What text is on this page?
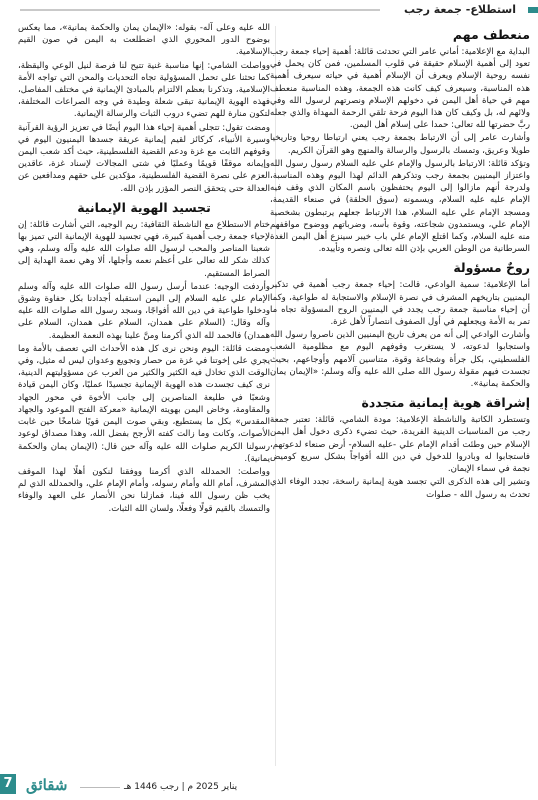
استطلاع- جمعة رجب
منعطف مهم

البداية مع الإعلامية: أماني عامر التي تحدثت قائلة: أهمية إحياء جمعة رجب تعود إلى أهمية الإسلام حقيقة في قلوب المسلمين، فمن كان يحمل في نفسه روحية الإسلام ويعرف أن الإسلام أهمية في حياته سيعرف أهمية هذه المناسبة، وسيعرف كيف كانت هذه الجمعة، وهذه المناسبة منعطف مهم في حياة أهل اليمن في دخولهم الإسلام ونصرتهم لرسول الله وفي ولائهم له، بل وكيف كان هذا اليوم فرحة تلقي الرحمة المهداة والذي جعله ربَّ حضرتها لله تعالى: حمدا على إسلام أهل اليمن.

وأشارت عامر إلى أن الارتباط بجمعة رجب يعني ارتباطا روحيا وتاريخيا طويلا وعريق، وتمسك بالرسول والرسالة والمنهج وهو القرآن الكريم.

وتؤكد قائلة: الارتباط بالرسول والإمام علي عليه السلام رسول رسول الله واعتزاز اليمنيين بجمعة رجب وتذكرهم الدائم لهذا اليوم وهذه المناسبة، ولدرجة أنهم مازالوا إلى اليوم يحتفظون باسم المكان الذي وقف فيه الإمام عليه عليه السلام، ويسمونه (سوق الحلقة) في صنعاء القديمة، ومسجد الإمام علي عليه السلام، هذا الارتباط جعلهم يرتبطون بشخصية الإمام علي، ويستمدون شجاعته، وقوة بأسه، وضرباتهم ووضوح مواقفهم منه عليه السلام، وكما اقتلع الإمام علي باب خيبر سينزع أهل اليمن الغدة السرطانية من الوطن العربي بإذن الله تعالى ونصره وتأييده.

روحٌ مسؤولة

أما الإعلامية: سمية الوادعي، قالت: إحياء جمعة رجب أهمية في تذكير اليمنيين بتاريخهم المشرف في نصرة الإسلام والاستجابة له طواعية، وكما أن إحياء مناسبة جمعة رجب يجدد في اليمنيين الروح المسؤولة تجاه ما تمر به الأمة ويجعلهم في أول الصفوف انتصاراً لأهل غزة.

وأشارت الوادعي إلى أنه من يعرف تاريخ اليمنيين الذين ناصروا رسول الله واستجابوا لدعوته، لا يستغرب وقوفهم اليوم مع مظلومية الشعب الفلسطيني، بكل جرأة وشجاعة وقوة، متناسين آلامهم وأوجاعهم، بحيث تجسدت فيهم مقولة رسول الله صلى الله عليه وآله وسلم: «الإيمان يمان والحكمة يمانية».

إشراقة هوية إيمانية متجددة

وتستطرد الكاتبة والناشطة الإعلامية: مودة الشامي، قائلة: تعتبر جمعة رجب من المناسبات الدينية الفريدة، حيث تضيء ذكرى دخول أهل اليمن الإسلام حين وطئت أقدام الإمام علي -عليه السلام- أرض صنعاء لدعوتهم، فاستجابوا له وبادروا للدخول في دين الله أفواجاً بشكل سريع كوميض نجمة في سماء الإيمان.

وتشير إلى هذه الذكرى التي تجسد هوية إيمانية راسخة، تجدد الوفاء الذي تحدث به رسول الله - صلوات

الله عليه وعلى آله- بقوله: «الإيمان يمان والحكمة يمانية»، مما يعكس بوضوح الدور المحوري الذي اضطلعت به اليمن في صون القيم الإسلامية.

وواصلت الشامي: إنها مناسبة غنية تتيح لنا فرصة لنيل الوعي واليقظة، كما تحثنا على تحمل المسؤولية تجاه التحديات والمحن التي تواجه الأمة الإسلامية، وتذكرنا بعظم الالتزام بالمبادئ الإيمانية في مختلف المفاصل، فهذه الهوية الإيمانية تبقى شعلة وطيدة في وجه الصراعات المختلفة، لتكون منارة للهم تضيء دروب الثبات والرسالة الإيمانية.

ومضت تقول: تتجلى أهمية إحياء هذا اليوم أيضًا في تعزيز الرؤية القرآنية وسيرة الأنبياء، كركائز لقيم إيمانية عريقة جسدها اليمنيون اليوم في وقوفهم الثابت مع غزة ودعم القضية الفلسطينية، حيث أكد شعب اليمن وإيمانه موقفًا قويمًا وعمليًا في شتى المجالات لإسناد غزة، عاقدين العزم على نصرة القضية الفلسطينية، مؤكدين على حقهم ومدافعين عن العدالة حتى يتحقق النصر المؤزر بإذن الله.

تجسيد الهوية الإيمانية

ختام الاستطلاع مع الناشطة الثقافية: ريم الوجيه، التي أشارت قائلة: إن لإحياء جمعة رجب أهمية كبيرة، فهي تجسيد للهوية الإيمانية التي تميز بها شعبنا المناصر والمحب لرسول الله صلوات الله عليه وآله وسلم، وهي كذلك شكر لله تعالى على أعظم نعمه وأجلها، ألا وهي نعمة الهداية إلى الصراط المستقيم.

وأردفت الوجيه: عندما أرسل رسول الله صلوات الله عليه وآله وسلم الإمام علي عليه السلام إلى اليمن استقبله أجدادنا بكل حفاوة وشوق ودخلوا طواعية في دين الله أفواجًا، وسجد رسول الله صلوات الله عليه وآله وقال: (السلام على همدان، السلام على همدان، السلام على همدان) فالحمد لله الذي أكرمنا ومنَّ علينا بهذه النعمة العظيمة.

ومضت قائلة: اليوم ونحن نرى كل هذه الأحداث التي تعصف بالأمة وما يجري على إخوتنا في غزة من حصار وتجويع وعدوان ليس له مثيل، وفي الوقت الذي تخاذل فيه الكثير والكثير من العرب عن مسؤوليتهم الدينية، نرى كيف تجسدت هذه الهوية الإيمانية تجسيدًا عمليًا، وكان اليمن قيادة وشعبًا في طليعة المناصرين إلى جانب الأخوة في محور الجهاد والمقاومة، وخاض اليمن بهويته الإيمانية «معركة الفتح الموعود والجهاد المقدس» بكل ما يستطيع، وبقي صوت اليمن قويًا شامخًا حين غابت الأصوات، وكانت وما زالت كفته الأرجح بفضل الله، وهذا مصداق لوعود رسولنا الكريم صلوات الله عليه وآله حين قال: (الإيمان يمان والحكمة يمانية).

وواصلت: الحمدلله الذي أكرمنا ووفقنا لنكون أهلًا لهذا الموقف المشرف، أمام الله وأمام رسوله، وأمام الإمام علي، والحمدلله الذي لم يخب ظن رسول الله فينا، فمازلنا نحن الأنصار على العهد والوفاء والتمسك بالقيم قولًا وفعلًا، ولسان الله الثبات.

7 شقائق	يناير 2025 م | رجب 1446 هـ
